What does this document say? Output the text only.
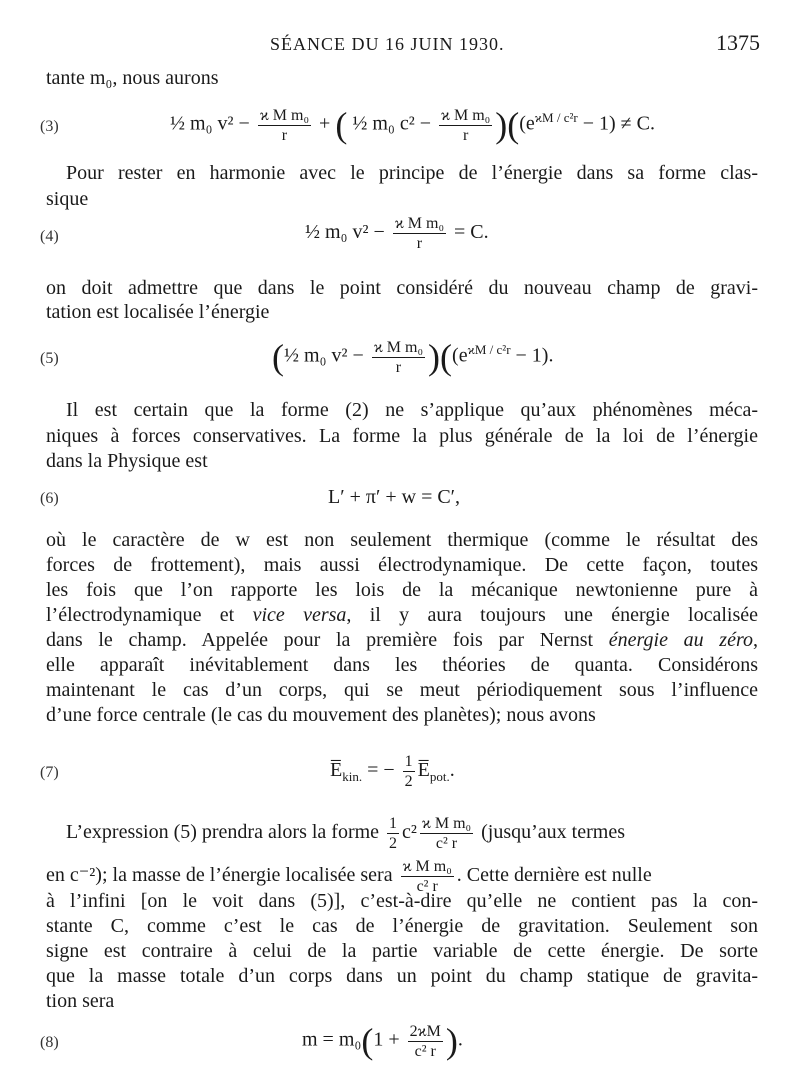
SÉANCE DU 16 JUIN 1930.	1375
tante m₀, nous aurons
(3)	½ m₀ $v^2 - \frac{\text{ϰ M m₀}}{r}$ + ( ½ m₀ $c^2 - \frac{\text{ϰ M m₀}}{r} )((e^{ϰM / c^2r} - 1) \ne C$.
Pour rester en harmonie avec le principe de l’énergie dans sa forme clas-
sique
(4)	½ m₀ $v^2 - \frac{\text{ϰ M m₀}}{r} = C$.
on doit admettre que dans le point considéré du nouveau champ de gravi-
tation est localisée l’énergie
(5)	(½ m₀ $v^2 - \frac{\text{ϰ M m₀}}{r} )((e^{ϰM / c^2r} - 1)$.
Il est certain que la forme (2) ne s’applique qu’aux phénomènes méca-
niques à forces conservatives. La forme la plus générale de la loi de l’énergie
dans la Physique est
(6)	L′ + π′ + w = C′,
où le caractère de w est non seulement thermique (comme le résultat des
forces de frottement), mais aussi électrodynamique. De cette façon, toutes
les fois que l’on rapporte les lois de la mécanique newtonienne pure à
l’électrodynamique et vice versa, il y aura toujours une énergie localisée
dans le champ. Appelée pour la première fois par Nernst énergie au zéro,
elle apparaît inévitablement dans les théories de quanta. Considérons
maintenant le cas d’un corps, qui se meut périodiquement sous l’influence
d’une force centrale (le cas du mouvement des planètes); nous avons
(7)	$E̅_{kin.}$ = − $\frac{1}{2}$ $E̅_{pot.}$.
L’expression (5) prendra alors la forme $\frac{1}{2} c^2 \frac{\text{ϰ M m₀}}{\text{c² r}}$ (jusqu’aux termes
en c⁻²); la masse de l’énergie localisée sera $\frac{\text{ϰ M m₀}}{\text{c² r}}$ . Cette dernière est nulle
à l’infini [on le voit dans (5)], c’est-à-dire qu’elle ne contient pas la con-
stante C, comme c’est le cas de l’énergie de gravitation. Seulement son
signe est contraire à celui de la partie variable de cette énergie. De sorte
que la masse totale d’un corps dans un point du champ statique de gravita-
tion sera
(8)	$m = m_0(1 + \frac{2ϰM}{\text{c² r}}$ ).
